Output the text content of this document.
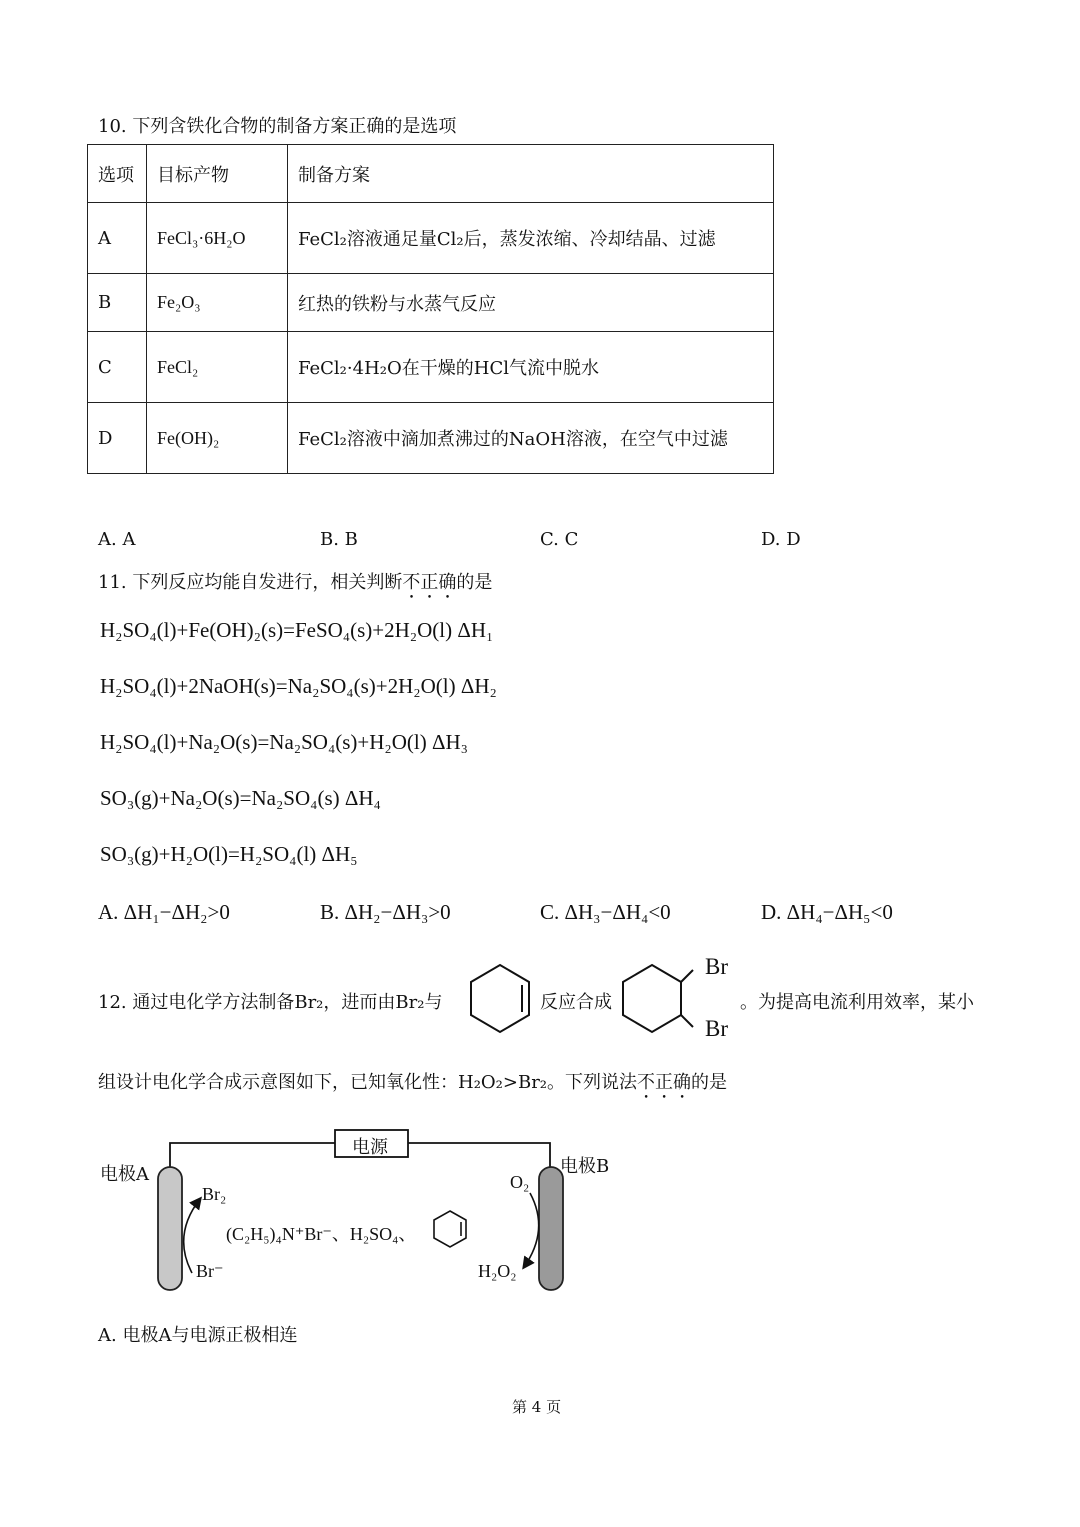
10. 下列含铁化合物的制备方案正确的是选项
选项	目标产物	制备方案
A	FeCl₃·6H₂O	FeCl₂溶液通足量Cl₂后，蒸发浓缩、冷却结晶、过滤
B	Fe₂O₃	红热的铁粉与水蒸气反应
C	FeCl₂	FeCl₂·4H₂O在干燥的HCl气流中脱水
D	Fe(OH)₂	FeCl₂溶液中滴加煮沸过的NaOH溶液，在空气中过滤
A. A	B. B	C. C	D. D
11. 下列反应均能自发进行，相关判断不正确的是
H₂SO₄(l)+Fe(OH)₂(s)=FeSO₄(s)+2H₂O(l) ΔH₁
H₂SO₄(l)+2NaOH(s)=Na₂SO₄(s)+2H₂O(l) ΔH₂
H₂SO₄(l)+Na₂O(s)=Na₂SO₄(s)+H₂O(l) ΔH₃
SO₃(g)+Na₂O(s)=Na₂SO₄(s) ΔH₄
SO₃(g)+H₂O(l)=H₂SO₄(l) ΔH₅
A. ΔH₁−ΔH₂>0	B. ΔH₂−ΔH₃>0	C. ΔH₃−ΔH₄<0	D. ΔH₄−ΔH₅<0
12. 通过电化学方法制备Br₂，进而由Br₂与	反应合成
Br
Br
。为提高电流利用效率，某小
组设计电化学合成示意图如下，已知氧化性：H₂O₂>Br₂。下列说法不正确的是
电源
电极A	电极B
Br₂
Br⁻
O₂
H₂O₂
(C₂H₅)₄N⁺Br⁻、H₂SO₄、
A. 电极A与电源正极相连
第 4 页
